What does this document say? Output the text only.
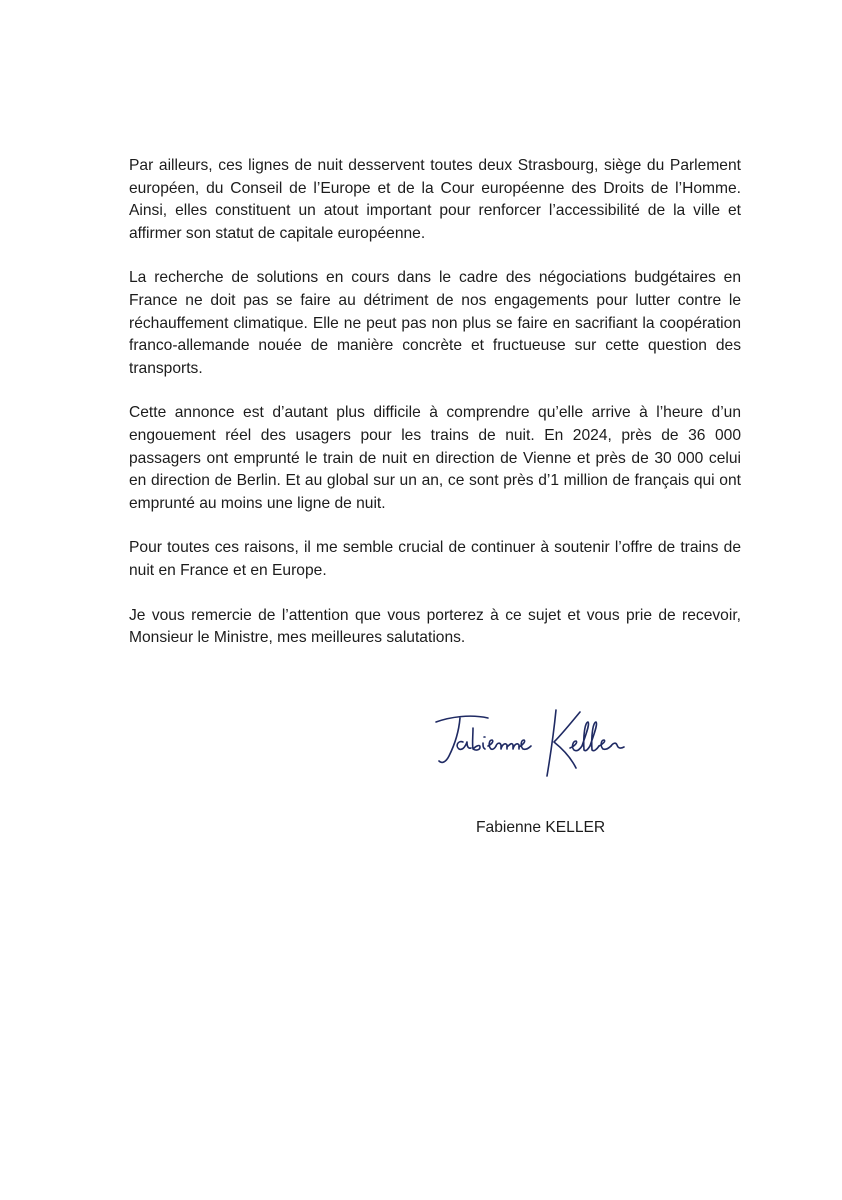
Par ailleurs, ces lignes de nuit desservent toutes deux Strasbourg, siège du Parlement européen, du Conseil de l’Europe et de la Cour européenne des Droits de l’Homme. Ainsi, elles constituent un atout important pour renforcer l’accessibilité de la ville et affirmer son statut de capitale européenne.

La recherche de solutions en cours dans le cadre des négociations budgétaires en France ne doit pas se faire au détriment de nos engagements pour lutter contre le réchauffement climatique. Elle ne peut pas non plus se faire en sacrifiant la coopération franco-allemande nouée de manière concrète et fructueuse sur cette question des transports.

Cette annonce est d’autant plus difficile à comprendre qu’elle arrive à l’heure d’un engouement réel des usagers pour les trains de nuit. En 2024, près de 36 000 passagers ont emprunté le train de nuit en direction de Vienne et près de 30 000 celui en direction de Berlin. Et au global sur un an, ce sont près d’1 million de français qui ont emprunté au moins une ligne de nuit.

Pour toutes ces raisons, il me semble crucial de continuer à soutenir l’offre de trains de nuit en France et en Europe.

Je vous remercie de l’attention que vous porterez à ce sujet et vous prie de recevoir, Monsieur le Ministre, mes meilleures salutations.

Fabienne KELLER
